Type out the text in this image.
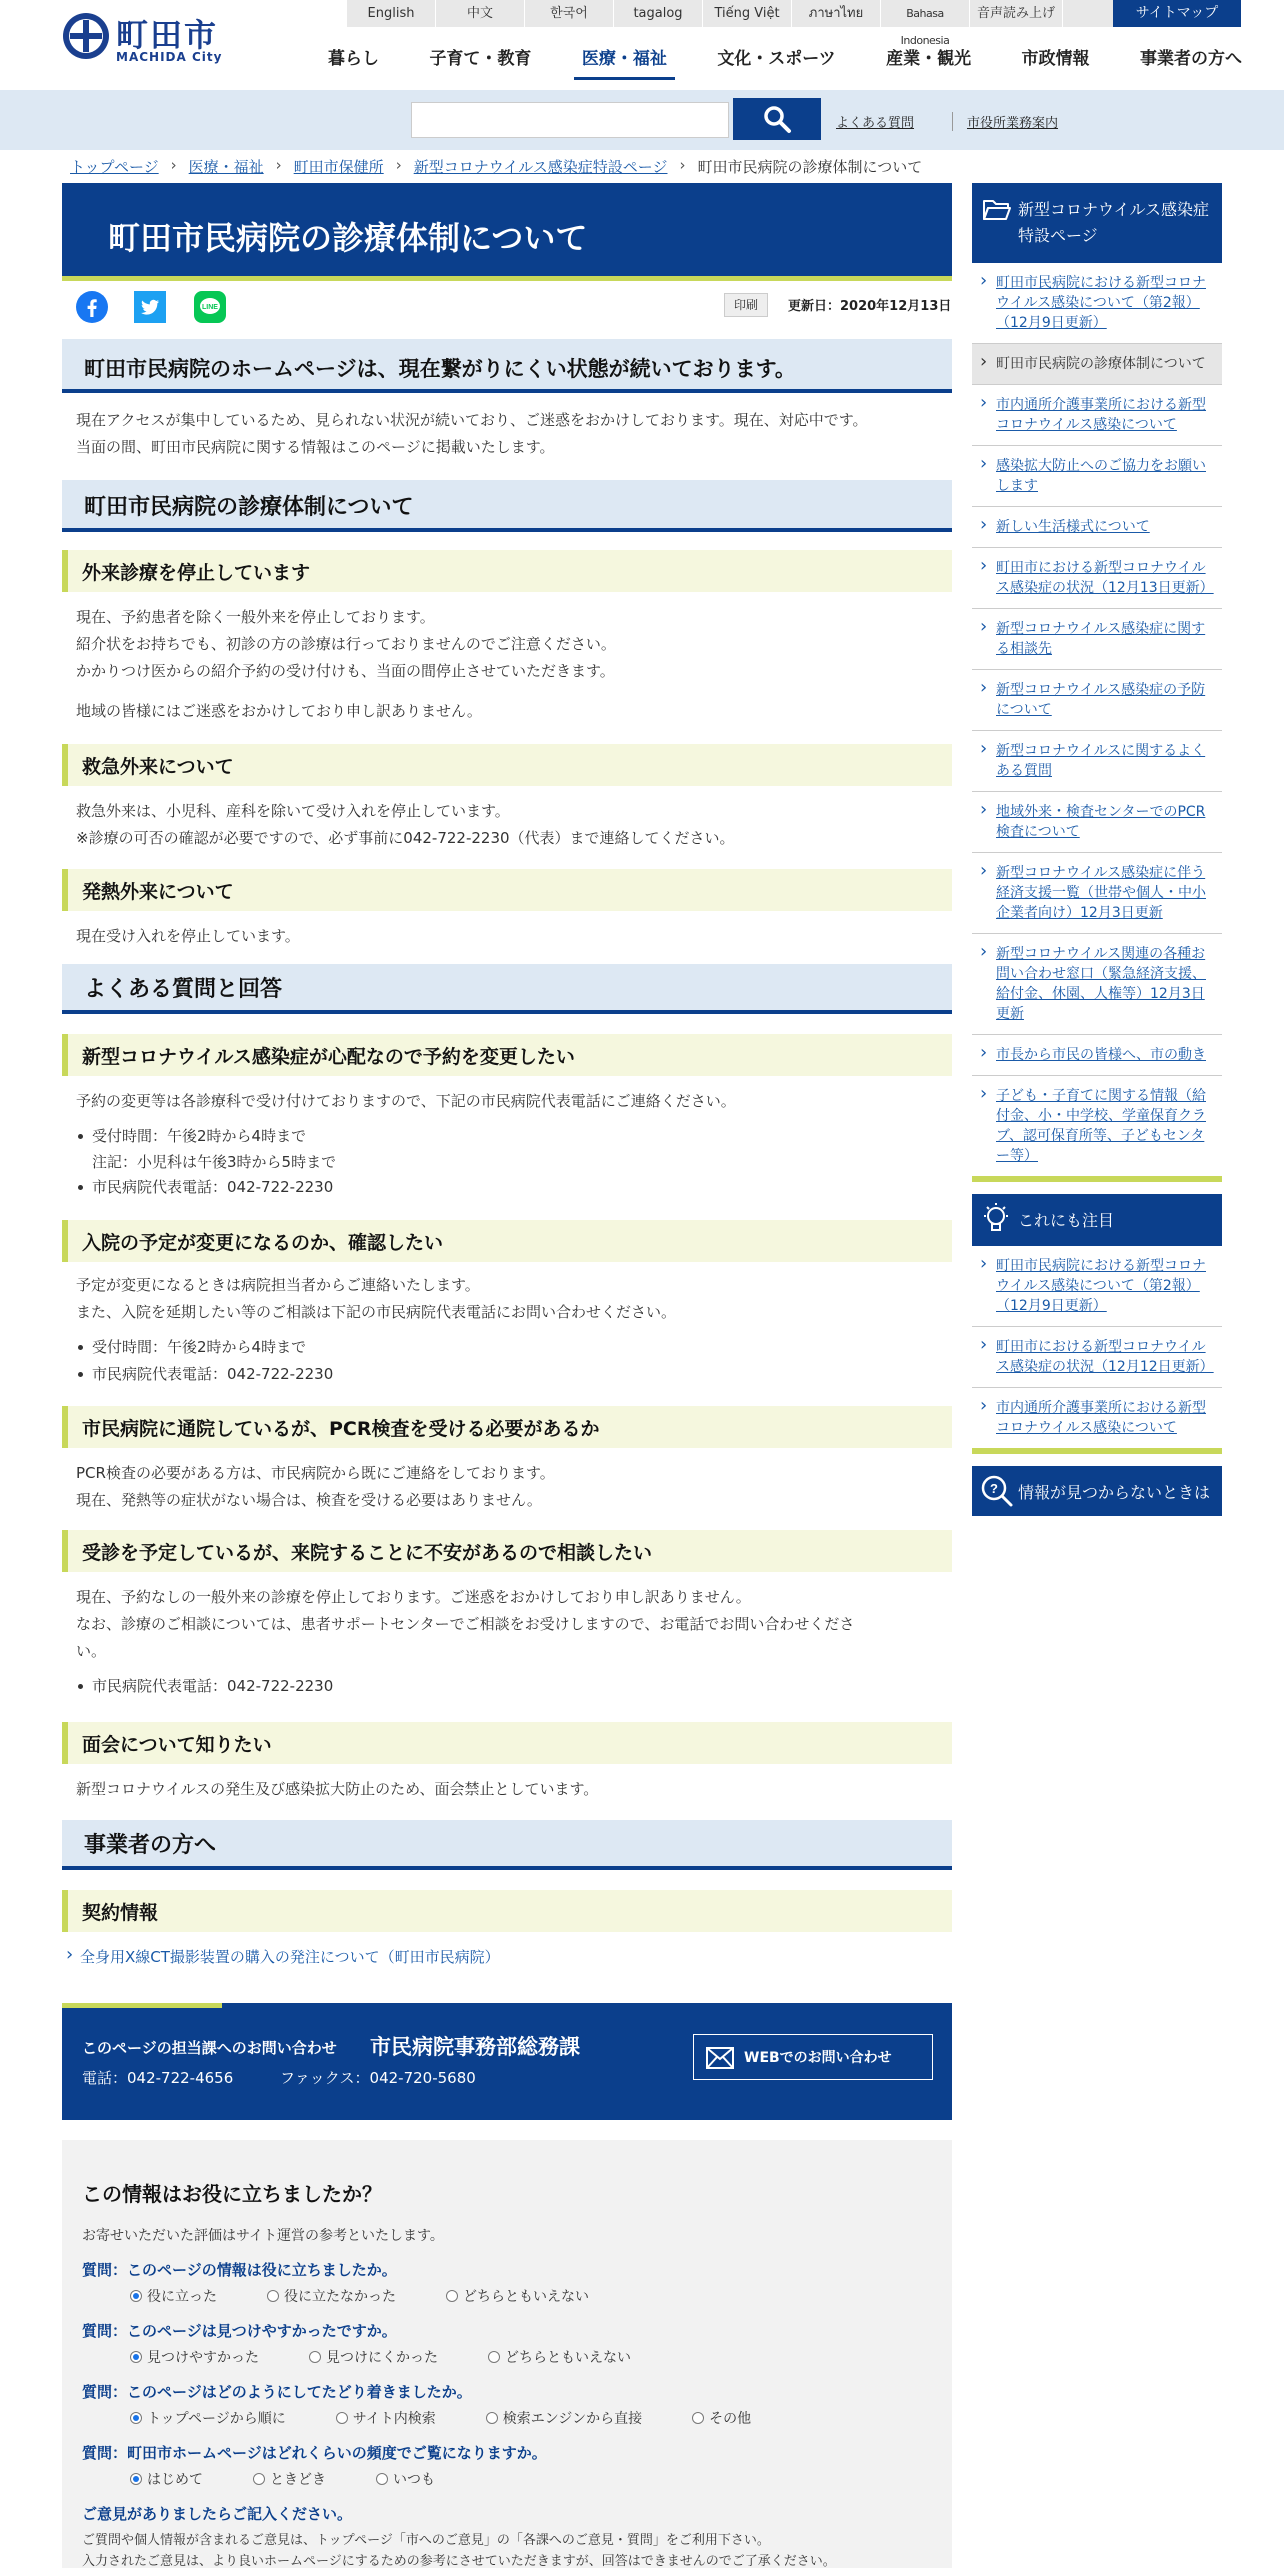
町田市
MACHIDA City
English	中文	한국어	tagalog	Tiếng Việt	ภาษาไทย	Bahasa Indonesia
音声読み上げ	サイトマップ
暮らし	子育て・教育	医療・福祉	文化・スポーツ	産業・観光	市政情報	事業者の方へ
よくある質問	市役所業務案内
トップページ › 医療・福祉 › 町田市保健所 › 新型コロナウイルス感染症特設ページ › 町田市民病院の診療体制について
町田市民病院の診療体制について
LINE	印刷	更新日：2020年12月13日
町田市民病院のホームページは、現在繋がりにくい状態が続いております。
現在アクセスが集中しているため、見られない状況が続いており、ご迷惑をおかけしております。現在、対応中です。
当面の間、町田市民病院に関する情報はこのページに掲載いたします。
町田市民病院の診療体制について
外来診療を停止しています
現在、予約患者を除く一般外来を停止しております。
紹介状をお持ちでも、初診の方の診療は行っておりませんのでご注意ください。
かかりつけ医からの紹介予約の受け付けも、当面の間停止させていただきます。
地域の皆様にはご迷惑をおかけしており申し訳ありません。
救急外来について
救急外来は、小児科、産科を除いて受け入れを停止しています。
※診療の可否の確認が必要ですので、必ず事前に042-722-2230（代表）まで連絡してください。
発熱外来について
現在受け入れを停止しています。
よくある質問と回答
新型コロナウイルス感染症が心配なので予約を変更したい
予約の変更等は各診療科で受け付けておりますので、下記の市民病院代表電話にご連絡ください。
受付時間：午後2時から4時まで
注記：小児科は午後3時から5時まで
市民病院代表電話：042-722-2230
入院の予定が変更になるのか、確認したい
予定が変更になるときは病院担当者からご連絡いたします。
また、入院を延期したい等のご相談は下記の市民病院代表電話にお問い合わせください。
受付時間：午後2時から4時まで
市民病院代表電話：042-722-2230
市民病院に通院しているが、PCR検査を受ける必要があるか
PCR検査の必要がある方は、市民病院から既にご連絡をしております。
現在、発熱等の症状がない場合は、検査を受ける必要はありません。
受診を予定しているが、来院することに不安があるので相談したい
現在、予約なしの一般外来の診療を停止しております。ご迷惑をおかけしており申し訳ありません。
なお、診療のご相談については、患者サポートセンターでご相談をお受けしますので、お電話でお問い合わせくださ
い。
市民病院代表電話：042-722-2230
面会について知りたい
新型コロナウイルスの発生及び感染拡大防止のため、面会禁止としています。
事業者の方へ
契約情報
› 全身用X線CT撮影装置の購入の発注について（町田市民病院）
このページの担当課へのお問い合わせ 市民病院事務部総務課
電話：042-722-4656	ファックス：042-720-5680
WEBでのお問い合わせ
この情報はお役に立ちましたか？
お寄せいただいた評価はサイト運営の参考といたします。
質問：このページの情報は役に立ちましたか。
役に立った	役に立たなかった	どちらともいえない
質問：このページは見つけやすかったですか。
見つけやすかった	見つけにくかった	どちらともいえない
質問：このページはどのようにしてたどり着きましたか。
トップページから順に	サイト内検索	検索エンジンから直接	その他
質問：町田市ホームページはどれくらいの頻度でご覧になりますか。
はじめて	ときどき	いつも
ご意見がありましたらご記入ください。
ご質問や個人情報が含まれるご意見は、トップページ「市へのご意見」の「各課へのご意見・質問」をご利用下さい。
入力されたご意見は、より良いホームページにするための参考にさせていただきますが、回答はできませんのでご了承ください。
新型コロナウイルス感染症特設ページ
› 町田市民病院における新型コロナウイルス感染について（第2報）（12月9日更新）
› 町田市民病院の診療体制について
› 市内通所介護事業所における新型コロナウイルス感染について
› 感染拡大防止へのご協力をお願いします
› 新しい生活様式について
› 町田市における新型コロナウイルス感染症の状況（12月13日更新）
› 新型コロナウイルス感染症に関する相談先
› 新型コロナウイルス感染症の予防について
› 新型コロナウイルスに関するよくある質問
› 地域外来・検査センターでのPCR検査について
› 新型コロナウイルス感染症に伴う経済支援一覧（世帯や個人・中小企業者向け）12月3日更新
› 新型コロナウイルス関連の各種お問い合わせ窓口（緊急経済支援、給付金、休園、人権等）12月3日更新
› 市長から市民の皆様へ、市の動き
› 子ども・子育てに関する情報（給付金、小・中学校、学童保育クラブ、認可保育所等、子どもセンター等）
これにも注目
› 町田市民病院における新型コロナウイルス感染について（第2報）（12月9日更新）
› 町田市における新型コロナウイルス感染症の状況（12月12日更新）
› 市内通所介護事業所における新型コロナウイルス感染について
? 情報が見つからないときは
